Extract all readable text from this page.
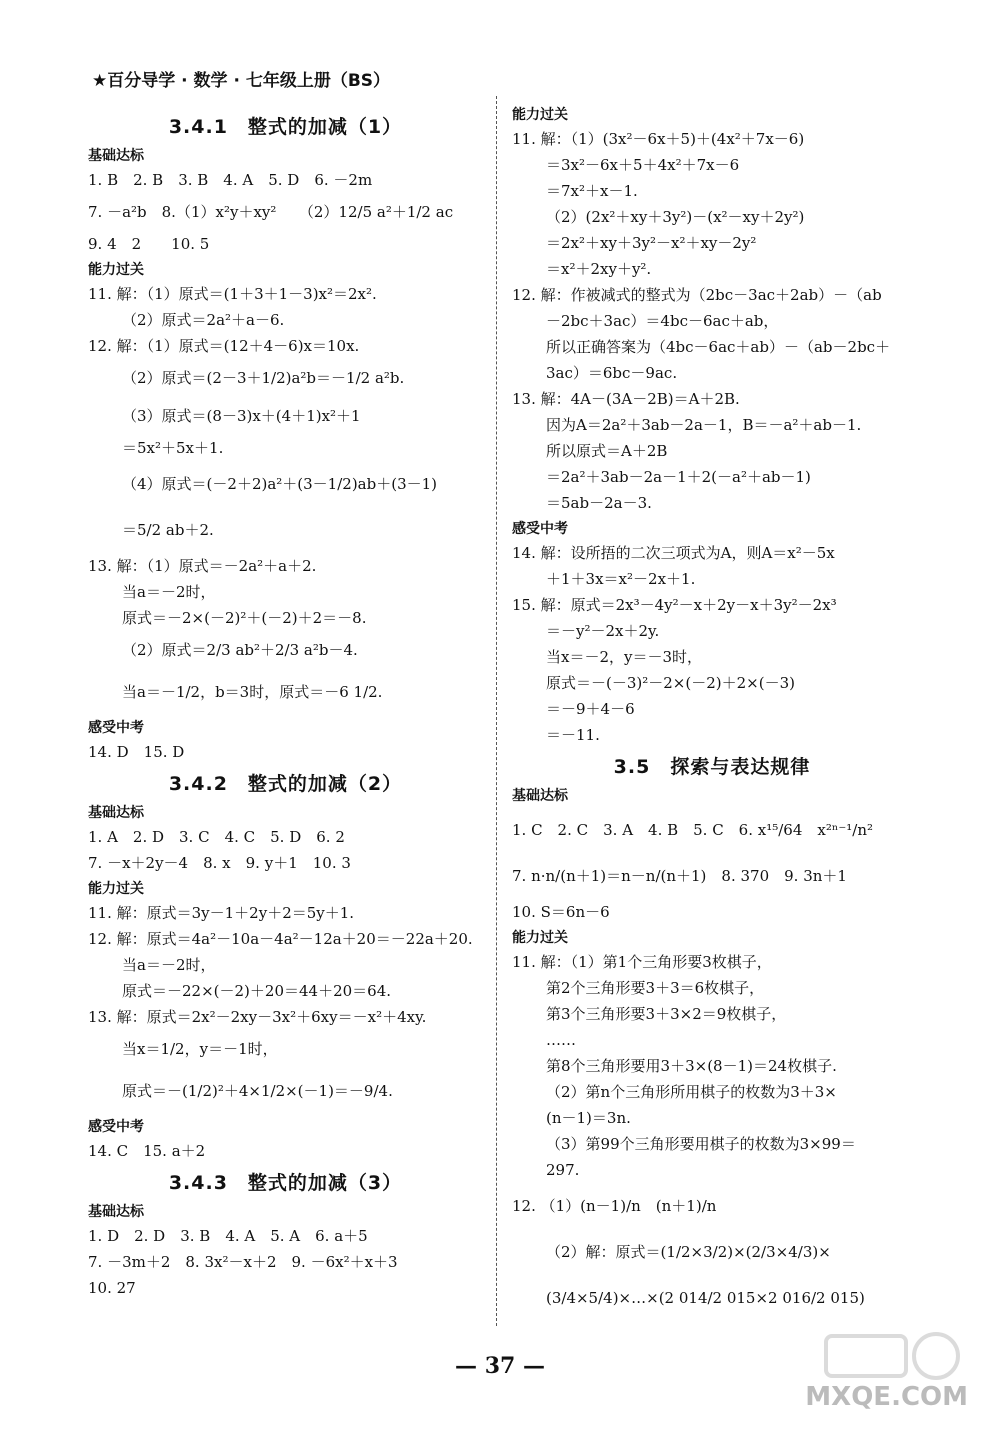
★百分导学 · 数学 · 七年级上册（BS）
3.4.1　整式的加减（1）
基础达标
1. B　2. B　3. B　4. A　5. D　6. －2m
7. －a²b　8.（1）x²y＋xy²　　（2）12/5 a²＋1/2 ac
9. 4　2　　10. 5
能力过关
11. 解：（1）原式＝(1＋3＋1－3)x²＝2x².
（2）原式＝2a²＋a－6.
12. 解：（1）原式＝(12＋4－6)x＝10x.
（2）原式＝(2－3＋1/2)a²b＝－1/2 a²b.
（3）原式＝(8－3)x＋(4＋1)x²＋1
＝5x²＋5x＋1.
（4）原式＝(－2＋2)a²＋(3－1/2)ab＋(3－1)
＝5/2 ab＋2.
13. 解：（1）原式＝－2a²＋a＋2.
当a＝－2时，
原式＝－2×(－2)²＋(－2)＋2＝－8.
（2）原式＝2/3 ab²＋2/3 a²b－4.
当a＝－1/2，b＝3时，原式＝－6 1/2.
感受中考
14. D　15. D
3.4.2　整式的加减（2）
基础达标
1. A　2. D　3. C　4. C　5. D　6. 2
7. －x＋2y－4　8. x　9. y＋1　10. 3
能力过关
11. 解：原式＝3y－1＋2y＋2＝5y＋1.
12. 解：原式＝4a²－10a－4a²－12a＋20＝－22a＋20.
当a＝－2时，
原式＝－22×(－2)＋20＝44＋20＝64.
13. 解：原式＝2x²－2xy－3x²＋6xy＝－x²＋4xy.
当x＝1/2，y＝－1时，
原式＝－(1/2)²＋4×1/2×(－1)＝－9/4.
感受中考
14. C　15. a＋2
3.4.3　整式的加减（3）
基础达标
1. D　2. D　3. B　4. A　5. A　6. a＋5
7. －3m＋2　8. 3x²－x＋2　9. －6x²＋x＋3
10. 27
能力过关
11. 解：（1）(3x²－6x＋5)＋(4x²＋7x－6)
＝3x²－6x＋5＋4x²＋7x－6
＝7x²＋x－1.
（2）(2x²＋xy＋3y²)－(x²－xy＋2y²)
＝2x²＋xy＋3y²－x²＋xy－2y²
＝x²＋2xy＋y².
12. 解：作被减式的整式为（2bc－3ac＋2ab）－（ab
－2bc＋3ac）＝4bc－6ac＋ab，
所以正确答案为（4bc－6ac＋ab）－（ab－2bc＋
3ac）＝6bc－9ac.
13. 解：4A－(3A－2B)＝A＋2B.
因为A＝2a²＋3ab－2a－1，B＝－a²＋ab－1.
所以原式＝A＋2B
＝2a²＋3ab－2a－1＋2(－a²＋ab－1)
＝5ab－2a－3.
感受中考
14. 解：设所捂的二次三项式为A，则A＝x²－5x
＋1＋3x＝x²－2x＋1.
15. 解：原式＝2x³－4y²－x＋2y－x＋3y²－2x³
＝－y²－2x＋2y.
当x＝－2，y＝－3时，
原式＝－(－3)²－2×(－2)＋2×(－3)
＝－9＋4－6
＝－11.
3.5　探索与表达规律
基础达标
1. C　2. C　3. A　4. B　5. C　6. x¹⁵/64　x²ⁿ⁻¹/n²
7. n·n/(n＋1)＝n－n/(n＋1)　8. 370　9. 3n＋1
10. S＝6n－6
能力过关
11. 解：（1）第1个三角形要3枚棋子，
第2个三角形要3＋3＝6枚棋子，
第3个三角形要3＋3×2＝9枚棋子，
……
第8个三角形要用3＋3×(8－1)＝24枚棋子.
（2）第n个三角形所用棋子的枚数为3＋3×
(n－1)＝3n.
（3）第99个三角形要用棋子的枚数为3×99＝
297.
12. （1）(n－1)/n　(n＋1)/n
（2）解：原式＝(1/2×3/2)×(2/3×4/3)×
(3/4×5/4)×…×(2 014/2 015×2 016/2 015)
— 37 —
MXQE.COM
